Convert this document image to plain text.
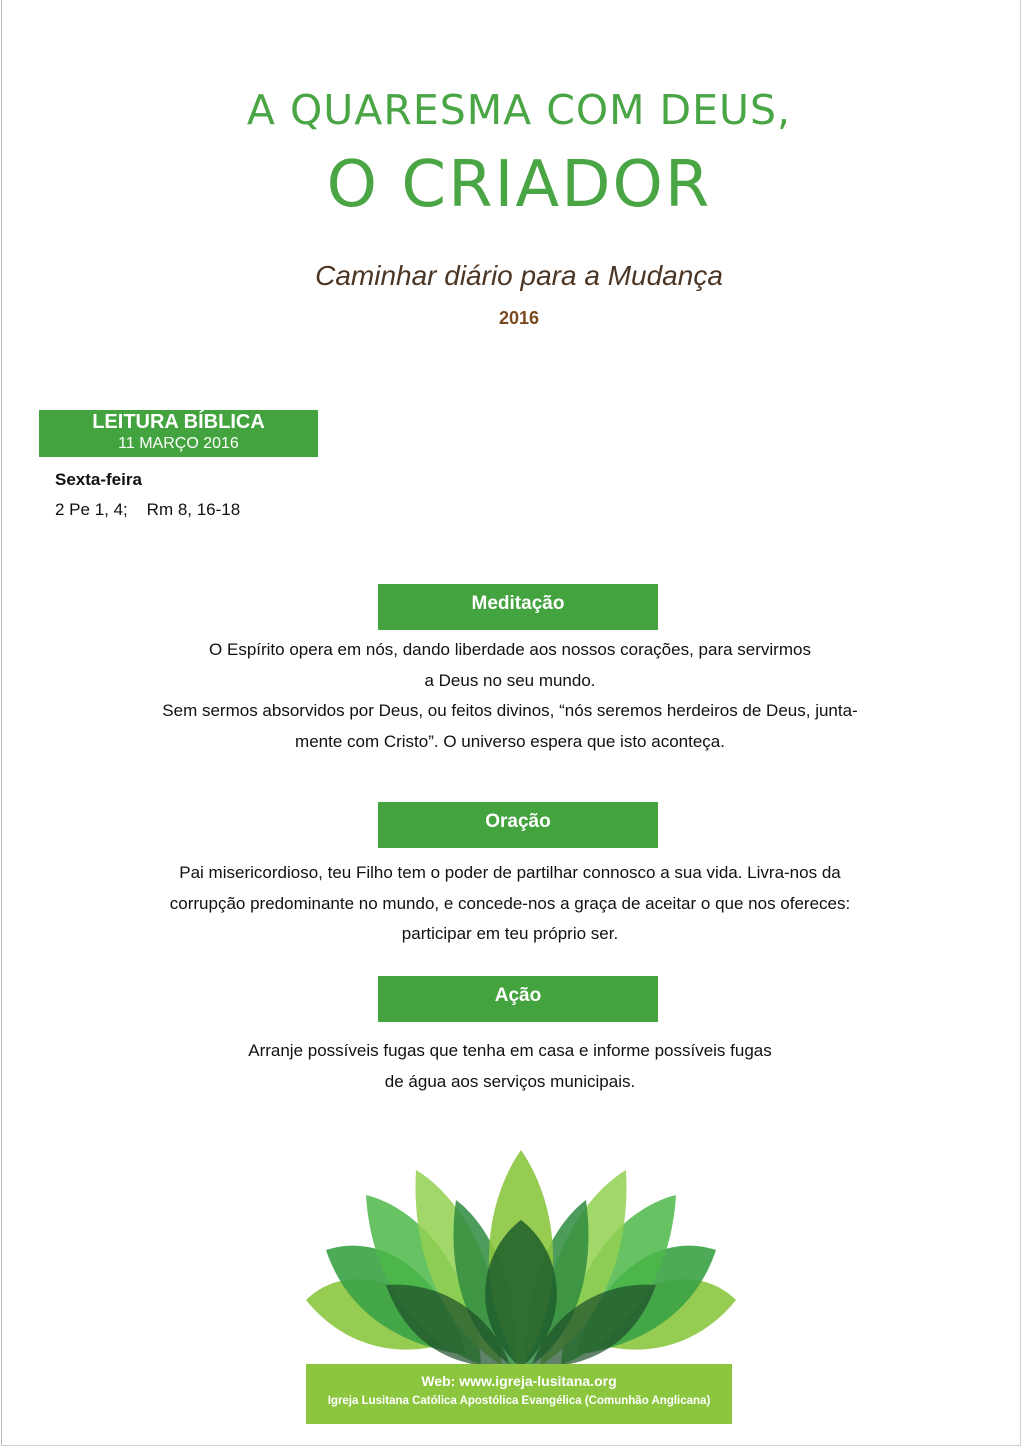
A QUARESMA COM DEUS,
O CRIADOR
Caminhar diário para a Mudança
2016
LEITURA BÍBLICA
11 MARÇO 2016
Sexta-feira
2 Pe 1, 4;    Rm 8, 16-18
Meditação
O Espírito opera em nós, dando liberdade aos nossos corações, para servirmos
a Deus no seu mundo.
Sem sermos absorvidos por Deus, ou feitos divinos, “nós seremos herdeiros de Deus, junta-
mente com Cristo”. O universo espera que isto aconteça.
Oração
Pai misericordioso, teu Filho tem o poder de partilhar connosco a sua vida. Livra-nos da
corrupção predominante no mundo, e concede-nos a graça de aceitar o que nos ofereces:
participar em teu próprio ser.
Ação
Arranje possíveis fugas que tenha em casa e informe possíveis fugas
de água aos serviços municipais.
Web: www.igreja-lusitana.org
Igreja Lusitana Católica Apostólica Evangélica (Comunhão Anglicana)
